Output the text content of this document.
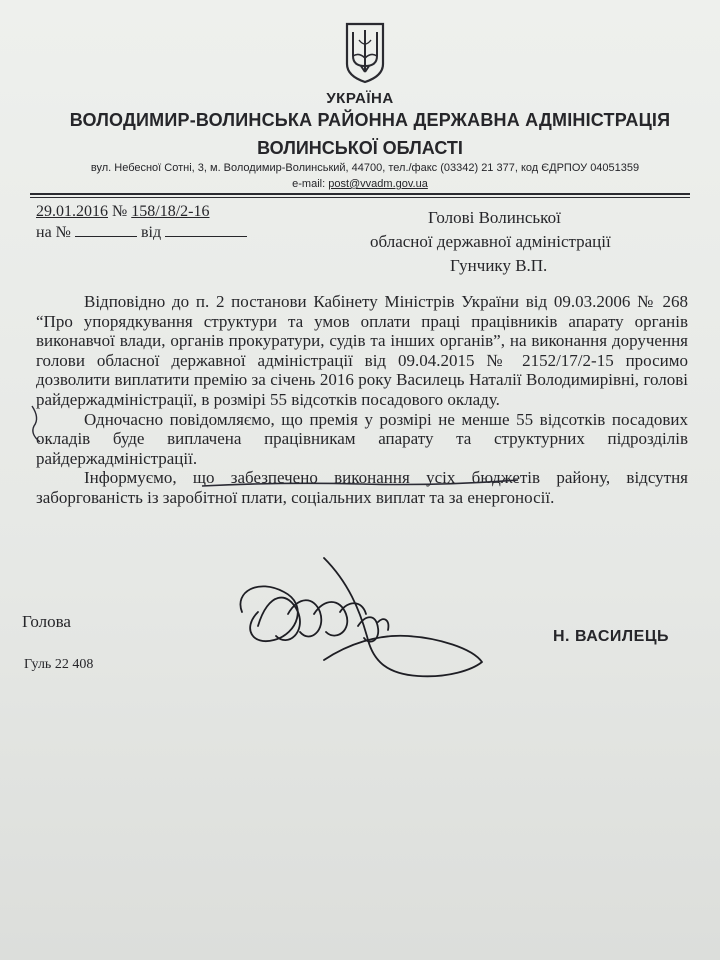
УКРАЇНА
ВОЛОДИМИР-ВОЛИНСЬКА РАЙОННА ДЕРЖАВНА АДМІНІСТРАЦІЯ
ВОЛИНСЬКОЇ ОБЛАСТІ
вул. Небесної Сотні, 3, м. Володимир-Волинський, 44700, тел./факс (03342) 21 377, код ЄДРПОУ 04051359
e-mail: post@vvadm.gov.ua
29.01.2016 № 158/18/2-16
на №	від
Голові Волинської
обласної державної адміністрації
Гунчику В.П.

Відповідно до п. 2 постанови Кабінету Міністрів України від 09.03.2006 № 268 “Про упорядкування структури та умов оплати праці працівників апарату органів виконавчої влади, органів прокуратури, судів та інших органів”, на виконання доручення голови обласної державної адміністрації від 09.04.2015 № 2152/17/2-15 просимо дозволити виплатити премію за січень 2016 року Василець Наталії Володимирівні, голові райдержадміністрації, в розмірі 55 відсотків посадового окладу.

Одночасно повідомляємо, що премія у розмірі не менше 55 відсотків посадових окладів буде виплачена працівникам апарату та структурних підрозділів райдержадміністрації.

Інформуємо, що забезпечено виконання усіх бюджетів району, відсутня заборгованість із заробітної плати, соціальних виплат та за енергоносії.

Голова
Н. ВАСИЛЕЦЬ
Гуль 22 408
